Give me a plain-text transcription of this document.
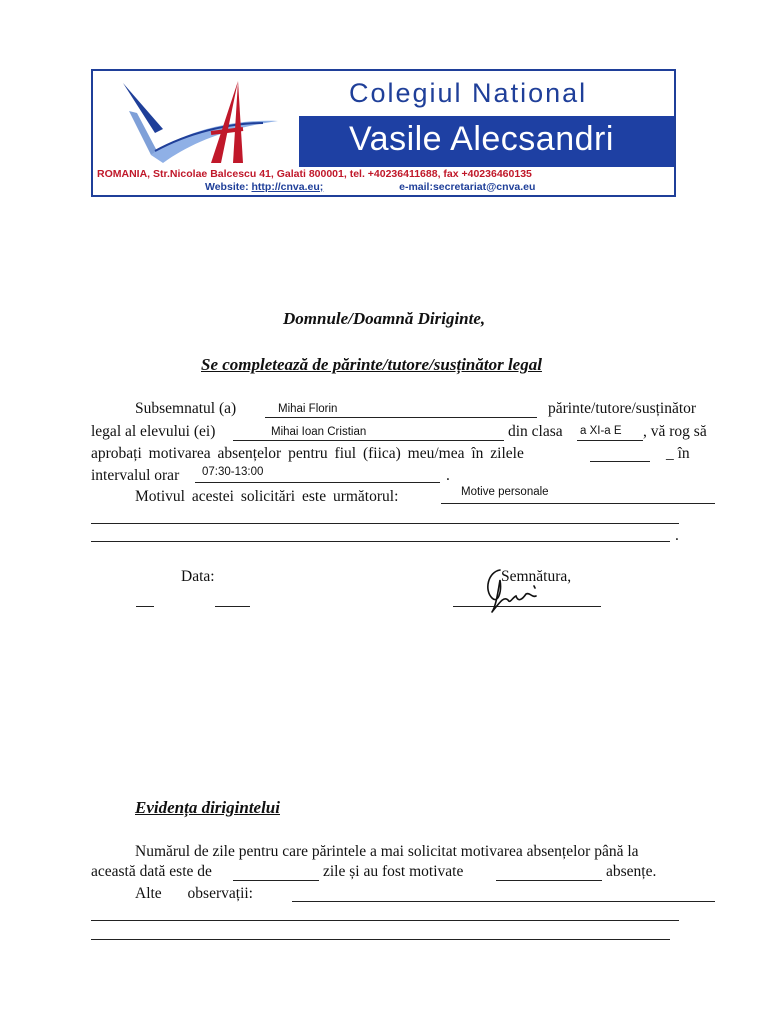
Colegiul National
Vasile Alecsandri
ROMANIA, Str.Nicolae Balcescu 41, Galati 800001, tel. +40236411688, fax +40236460135
Website: http://cnva.eu;	e-mail:secretariat@cnva.eu
Domnule/Doamnă Diriginte,
Se completează de părinte/tutore/susținător legal
Subsemnatul (a)	Mihai Florin	părinte/tutore/susținător
legal al elevului (ei)	Mihai Ioan Cristian	din clasa a XI-a E , vă rog să
aprobați motivarea absențelor pentru fiul (fiica) meu/mea în zilele	_ în
intervalul orar 07:30-13:00	.
Motivul acestei solicitări este următorul:	Motive personale
.
Data:	Semnătura,
Evidența dirigintelui
Numărul de zile pentru care părintele a mai solicitat motivarea absențelor până la
această dată este de	zile și au fost motivate	absențe.
Alte observații:
